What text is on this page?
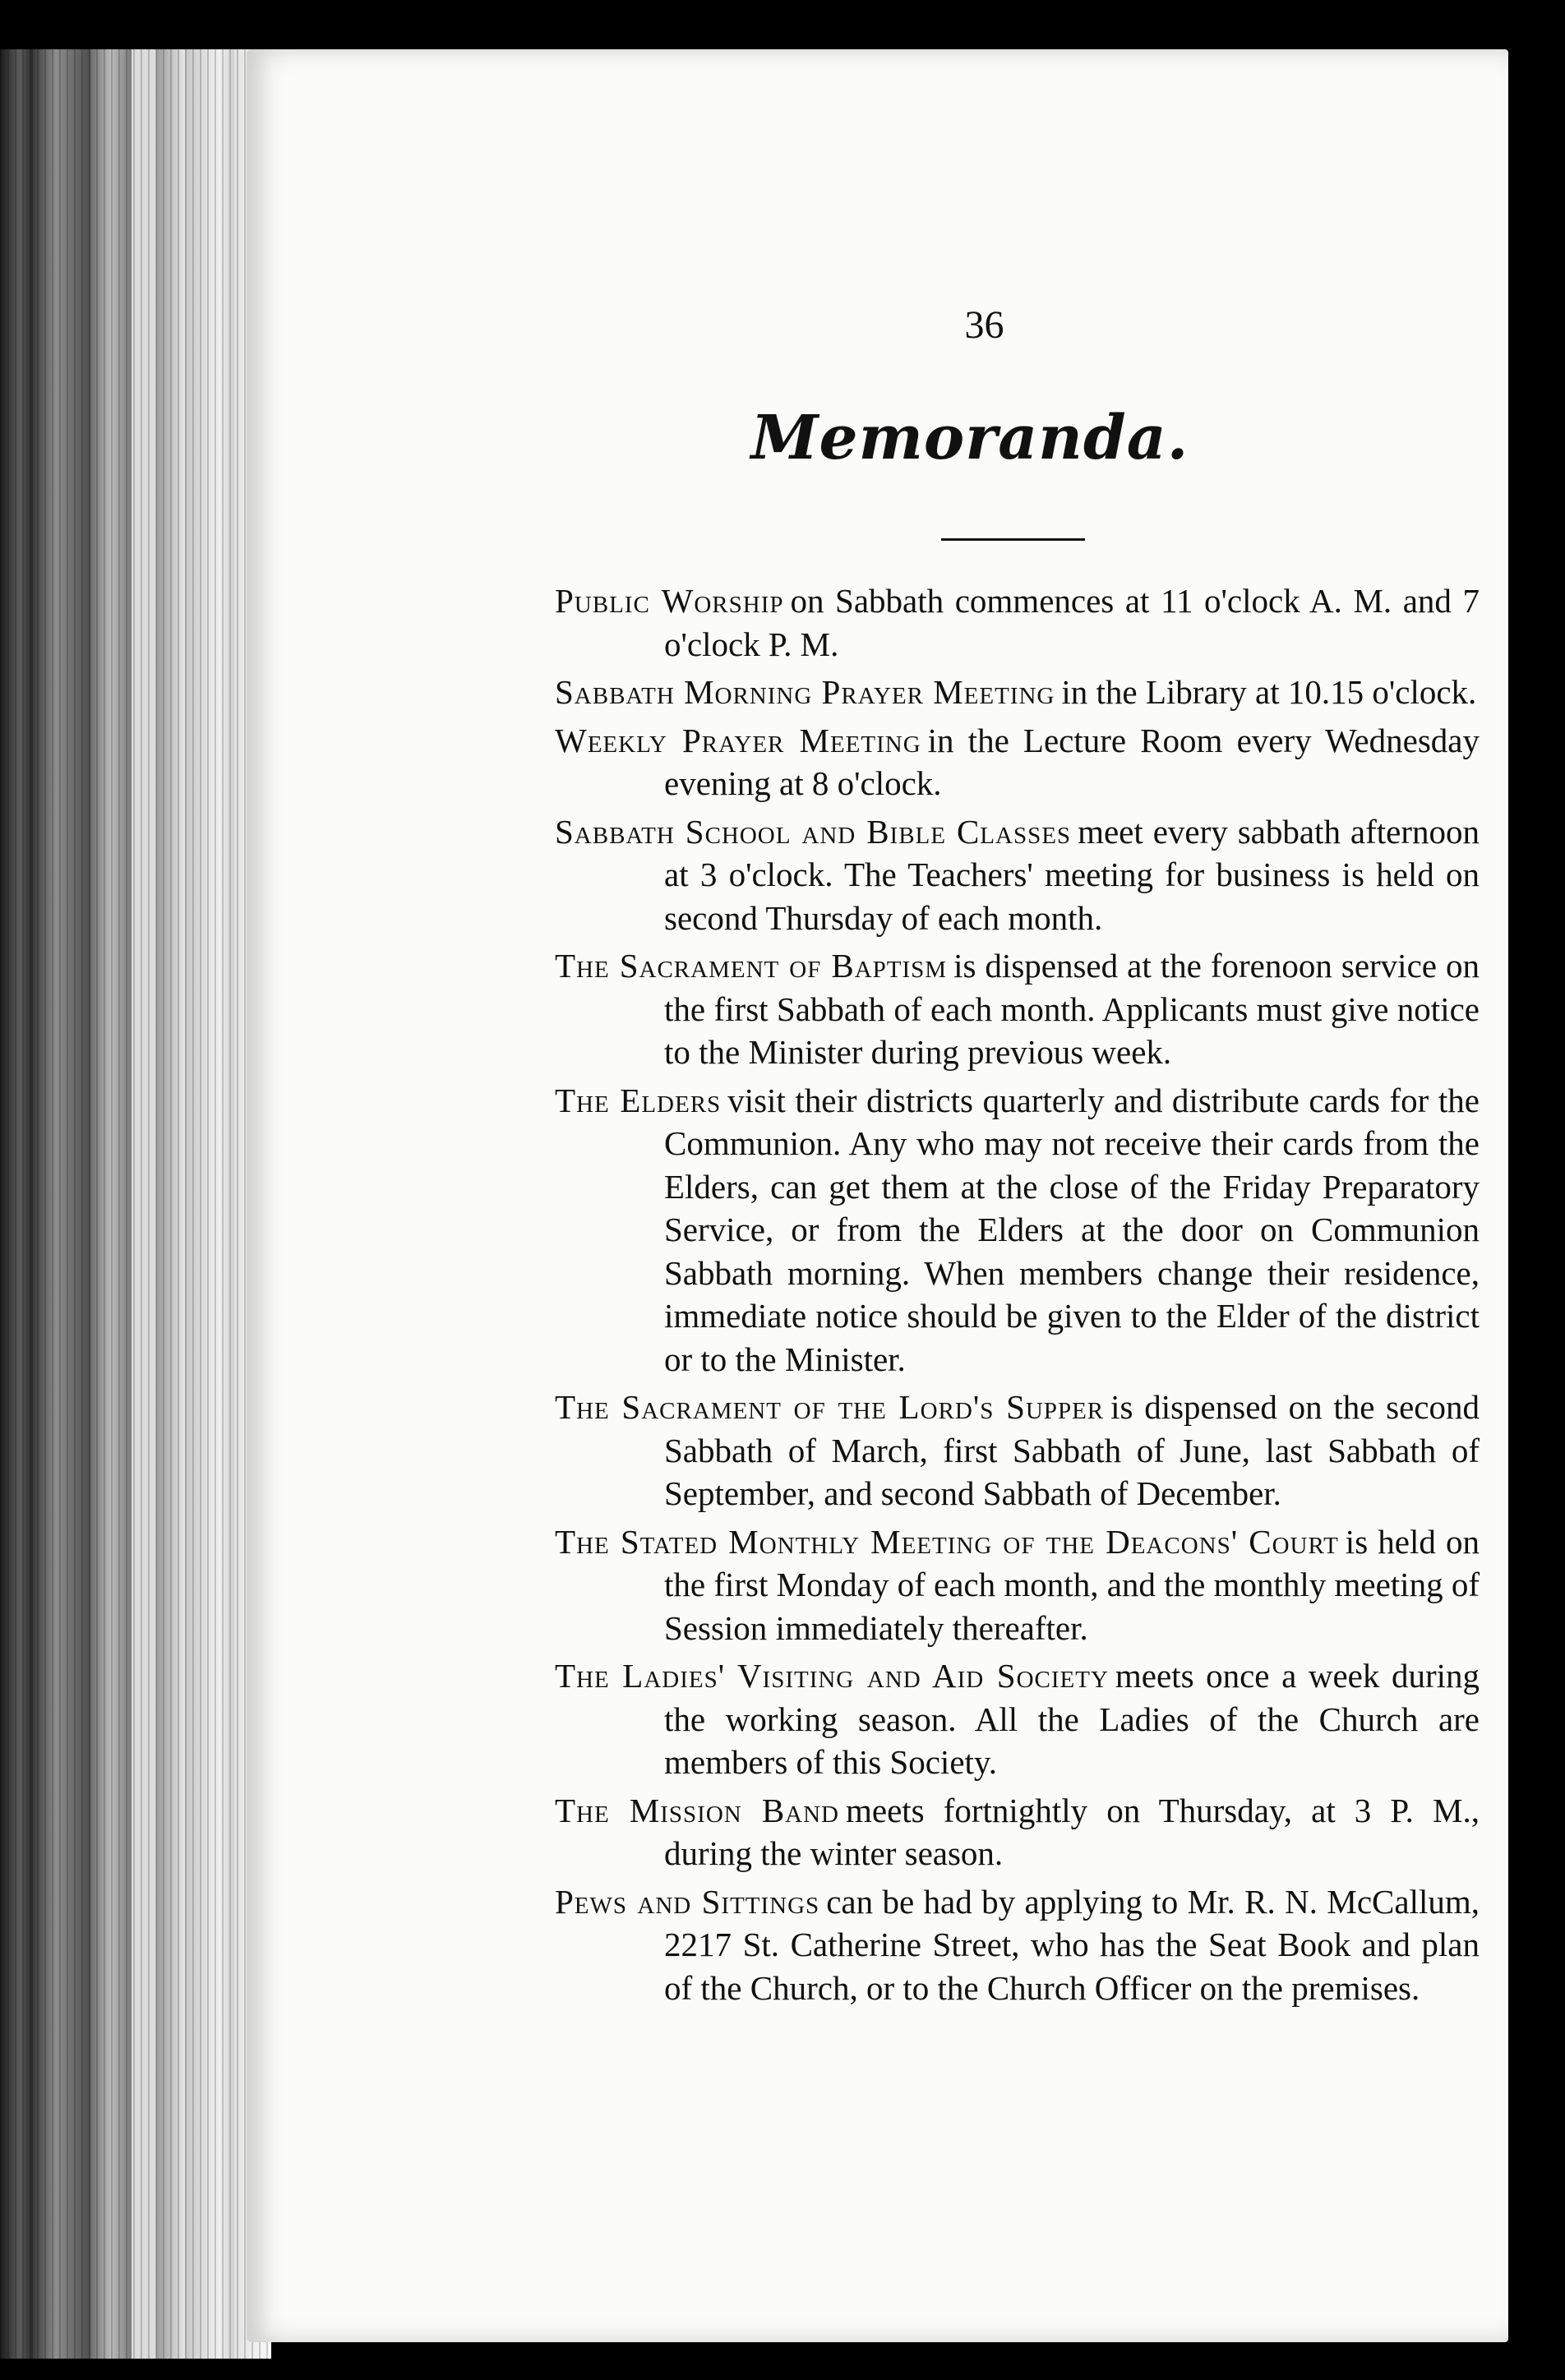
36
Memoranda.
Public Worship on Sabbath commences at 11 o'clock A. M. and 7 o'clock P. M.
Sabbath Morning Prayer Meeting in the Library at 10.15 o'clock.
Weekly Prayer Meeting in the Lecture Room every Wednesday evening at 8 o'clock.
Sabbath School and Bible Classes meet every sabbath afternoon at 3 o'clock. The Teachers' meeting for business is held on second Thursday of each month.
The Sacrament of Baptism is dispensed at the forenoon service on the first Sabbath of each month. Applicants must give notice to the Minister during previous week.
The Elders visit their districts quarterly and distribute cards for the Communion. Any who may not receive their cards from the Elders, can get them at the close of the Friday Preparatory Service, or from the Elders at the door on Communion Sabbath morning. When members change their residence, immediate notice should be given to the Elder of the district or to the Minister.
The Sacrament of the Lord's Supper is dispensed on the second Sabbath of March, first Sabbath of June, last Sabbath of September, and second Sabbath of December.
The Stated Monthly Meeting of the Deacons' Court is held on the first Monday of each month, and the monthly meeting of Session immediately thereafter.
The Ladies' Visiting and Aid Society meets once a week during the working season. All the Ladies of the Church are members of this Society.
The Mission Band meets fortnightly on Thursday, at 3 P. M., during the winter season.
Pews and Sittings can be had by applying to Mr. R. N. McCallum, 2217 St. Catherine Street, who has the Seat Book and plan of the Church, or to the Church Officer on the premises.
